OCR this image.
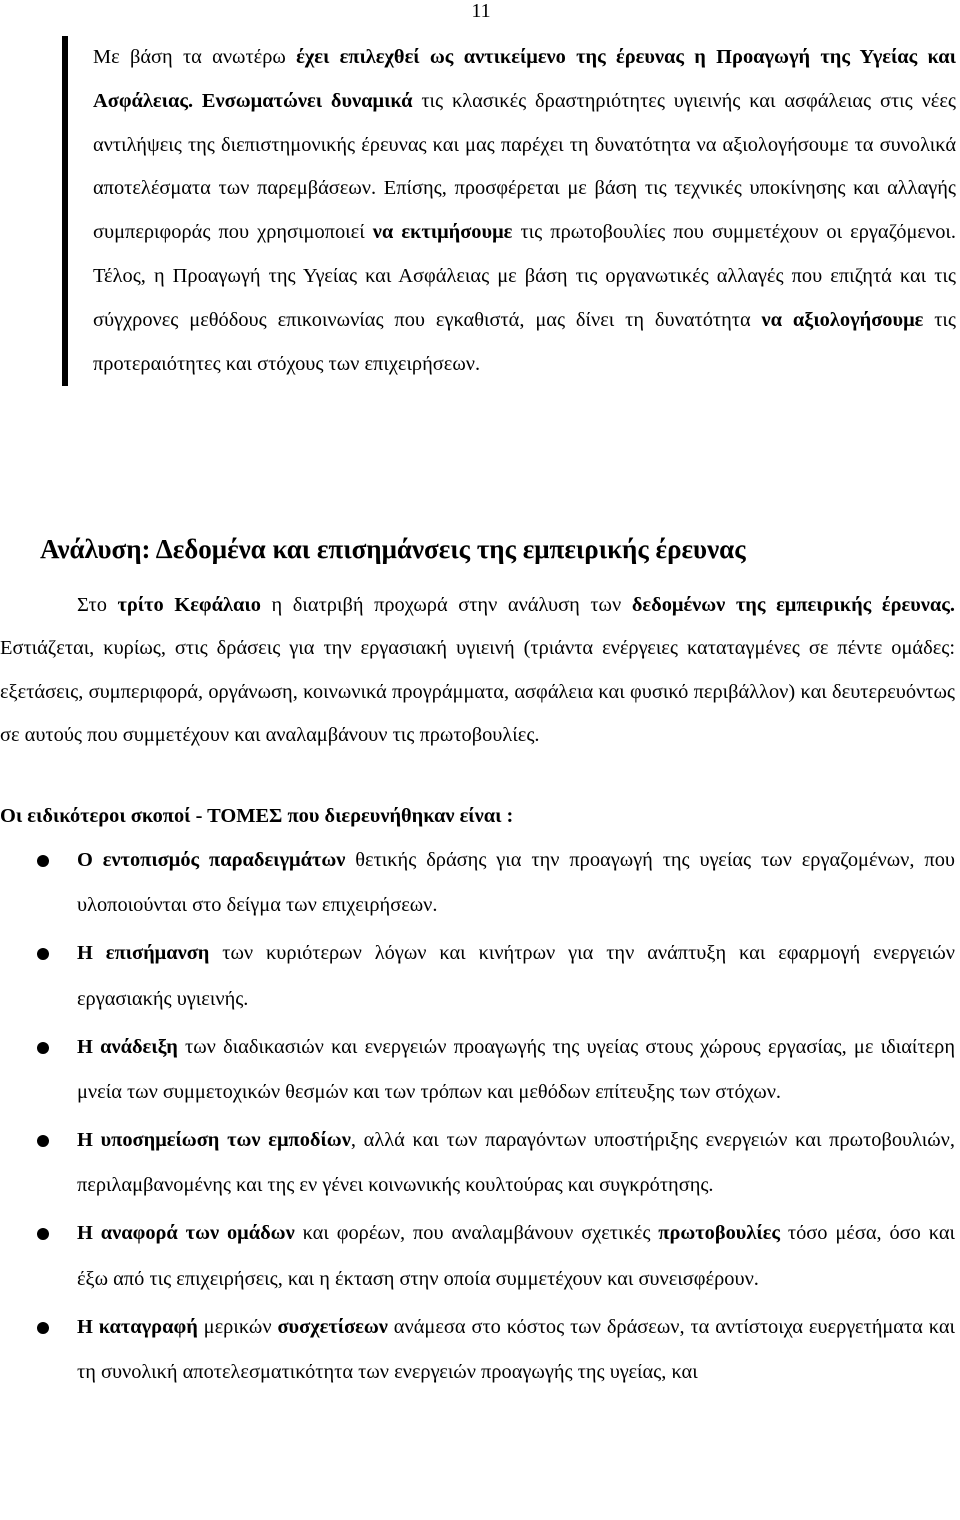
11

Με βάση τα ανωτέρω έχει επιλεχθεί ως αντικείμενο της έρευνας η Προαγωγή της Υγείας και Ασφάλειας. Ενσωματώνει δυναμικά τις κλασικές δραστηριότητες υγιεινής και ασφάλειας στις νέες αντιλήψεις της διεπιστημονικής έρευνας και μας παρέχει τη δυνατότητα να αξιολογήσουμε τα συνολικά αποτελέσματα των παρεμβάσεων. Επίσης, προσφέρεται με βάση τις τεχνικές υποκίνησης και αλλαγής συμπεριφοράς που χρησιμοποιεί να εκτιμήσουμε τις πρωτοβουλίες που συμμετέχουν οι εργαζόμενοι. Τέλος, η Προαγωγή της Υγείας και Ασφάλειας με βάση τις οργανωτικές αλλαγές που επιζητά και τις σύγχρονες μεθόδους επικοινωνίας που εγκαθιστά, μας δίνει τη δυνατότητα να αξιολογήσουμε τις προτεραιότητες και στόχους των επιχειρήσεων.

Ανάλυση: Δεδομένα και επισημάνσεις της εμπειρικής έρευνας

Στο τρίτο Κεφάλαιο η διατριβή προχωρά στην ανάλυση των δεδομένων της εμπειρικής έρευνας. Εστιάζεται, κυρίως, στις δράσεις για την εργασιακή υγιεινή (τριάντα ενέργειες καταταγμένες σε πέντε ομάδες: εξετάσεις, συμπεριφορά, οργάνωση, κοινωνικά προγράμματα, ασφάλεια και φυσικό περιβάλλον) και δευτερευόντως σε αυτούς που συμμετέχουν και αναλαμβάνουν τις πρωτοβουλίες.

Οι ειδικότεροι σκοποί - ΤΟΜΕΣ που διερευνήθηκαν είναι :

Ο εντοπισμός παραδειγμάτων θετικής δράσης για την προαγωγή της υγείας των εργαζομένων, που υλοποιούνται στο δείγμα των επιχειρήσεων.
Η επισήμανση των κυριότερων λόγων και κινήτρων για την ανάπτυξη και εφαρμογή ενεργειών εργασιακής υγιεινής.
Η ανάδειξη των διαδικασιών και ενεργειών προαγωγής της υγείας στους χώρους εργασίας, με ιδιαίτερη μνεία των συμμετοχικών θεσμών και των τρόπων και μεθόδων επίτευξης των στόχων.
Η υποσημείωση των εμποδίων, αλλά και των παραγόντων υποστήριξης ενεργειών και πρωτοβουλιών, περιλαμβανομένης και της εν γένει κοινωνικής κουλτούρας και συγκρότησης.
Η αναφορά των ομάδων και φορέων, που αναλαμβάνουν σχετικές πρωτοβουλίες τόσο μέσα, όσο και έξω από τις επιχειρήσεις, και η έκταση στην οποία συμμετέχουν και συνεισφέρουν.
Η καταγραφή μερικών συσχετίσεων ανάμεσα στο κόστος των δράσεων, τα αντίστοιχα ευεργετήματα και τη συνολική αποτελεσματικότητα των ενεργειών προαγωγής της υγείας, και
